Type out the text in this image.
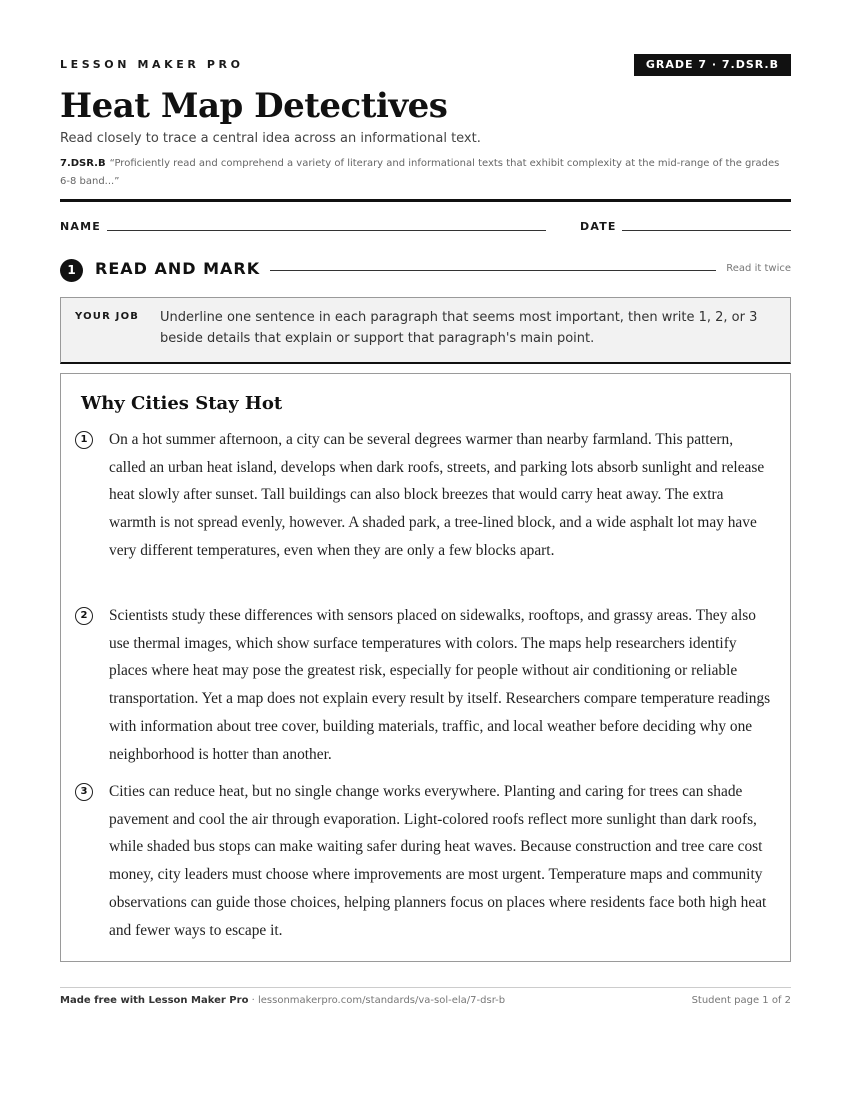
LESSON MAKER PRO	GRADE 7 · 7.DSR.B
Heat Map Detectives
Read closely to trace a central idea across an informational text.
7.DSR.B “Proficiently read and comprehend a variety of literary and informational texts that exhibit complexity at the mid-range of the grades 6-8 band...”
NAME	DATE
1	READ AND MARK	Read it twice
YOUR JOB Underline one sentence in each paragraph that seems most important, then write 1, 2, or 3 beside details that explain or support that paragraph's main point.
Why Cities Stay Hot
1	On a hot summer afternoon, a city can be several degrees warmer than nearby farmland. This pattern, called an urban heat island, develops when dark roofs, streets, and parking lots absorb sunlight and release heat slowly after sunset. Tall buildings can also block breezes that would carry heat away. The extra warmth is not spread evenly, however. A shaded park, a tree-lined block, and a wide asphalt lot may have very different temperatures, even when they are only a few blocks apart.
2	Scientists study these differences with sensors placed on sidewalks, rooftops, and grassy areas. They also use thermal images, which show surface temperatures with colors. The maps help researchers identify places where heat may pose the greatest risk, especially for people without air conditioning or reliable transportation. Yet a map does not explain every result by itself. Researchers compare temperature readings with information about tree cover, building materials, traffic, and local weather before deciding why one neighborhood is hotter than another.
3	Cities can reduce heat, but no single change works everywhere. Planting and caring for trees can shade pavement and cool the air through evaporation. Light-colored roofs reflect more sunlight than dark roofs, while shaded bus stops can make waiting safer during heat waves. Because construction and tree care cost money, city leaders must choose where improvements are most urgent. Temperature maps and community observations can guide those choices, helping planners focus on places where residents face both high heat and fewer ways to escape it.
Made free with Lesson Maker Pro · lessonmakerpro.com/standards/va-sol-ela/7-dsr-b	Student page 1 of 2
